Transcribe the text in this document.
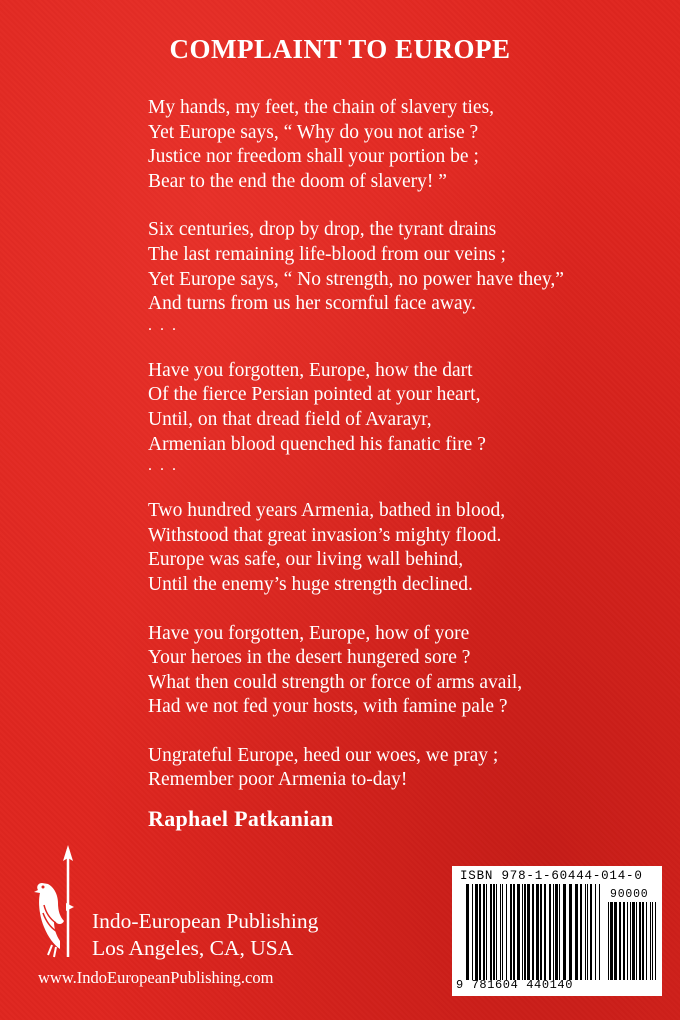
COMPLAINT TO EUROPE
My hands, my feet, the chain of slavery ties,
Yet Europe says, “ Why do you not arise ?
Justice nor freedom shall your portion be ;
Bear to the end the doom of slavery! ”
Six centuries, drop by drop, the tyrant drains
The last remaining life-blood from our veins ;
Yet Europe says, “ No strength, no power have they,”
And turns from us her scornful face away.
. . .
Have you forgotten, Europe, how the dart
Of the fierce Persian pointed at your heart,
Until, on that dread field of Avarayr,
Armenian blood quenched his fanatic fire ?
. . .
Two hundred years Armenia, bathed in blood,
Withstood that great invasion’s mighty flood.
Europe was safe, our living wall behind,
Until the enemy’s huge strength declined.
Have you forgotten, Europe, how of yore
Your heroes in the desert hungered sore ?
What then could strength or force of arms avail,
Had we not fed your hosts, with famine pale ?
Ungrateful Europe, heed our woes, we pray ;
Remember poor Armenia to-day!
Raphael Patkanian
Indo-European Publishing
Los Angeles, CA, USA
www.IndoEuropeanPublishing.com
ISBN 978-1-60444-014-0
90000
9 781604 440140
